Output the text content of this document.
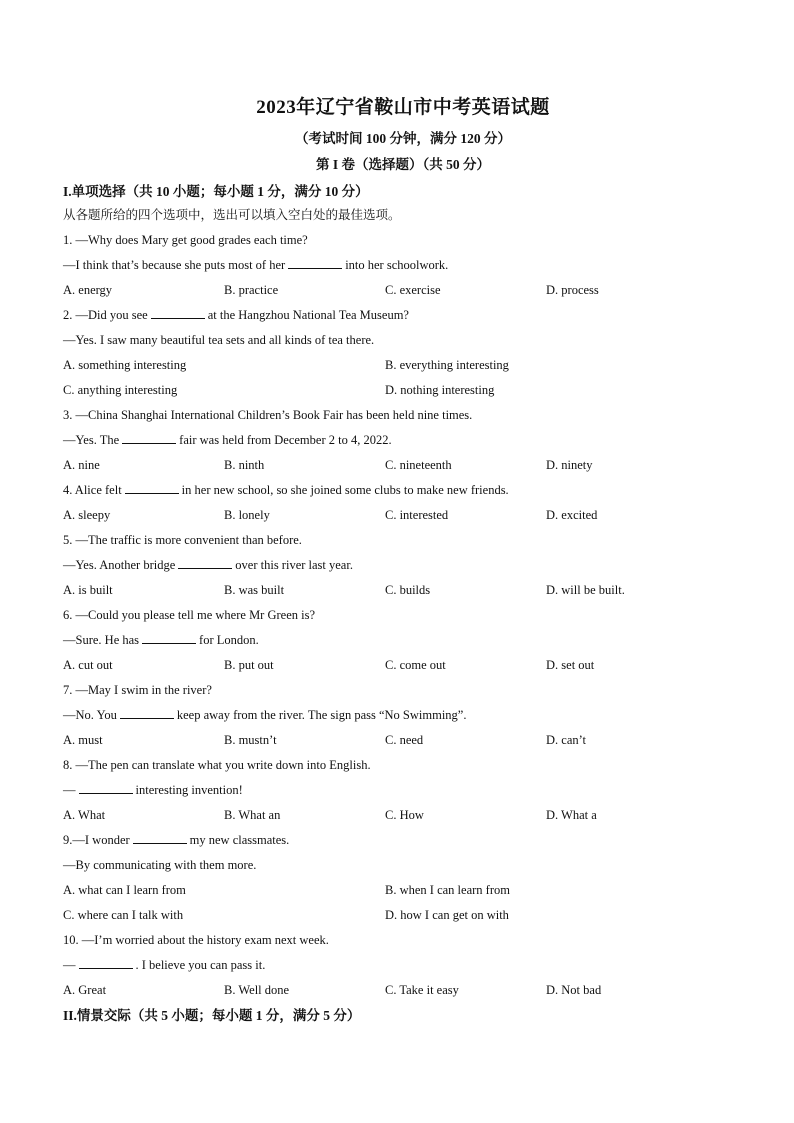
2023年辽宁省鞍山市中考英语试题

（考试时间 100 分钟，满分 120 分）

第 I 卷（选择题）（共 50 分）

I.单项选择（共 10 小题；每小题 1 分，满分 10 分）

从各题所给的四个选项中，选出可以填入空白处的最佳选项。

1. —Why does Mary get good grades each time?

—I think that’s because she puts most of her	into her schoolwork.

A. energy	B. practice	C. exercise	D. process

2. —Did you see	at the Hangzhou National Tea Museum?

—Yes. I saw many beautiful tea sets and all kinds of tea there.

A. something interesting	B. everything interesting
C. anything interesting	D. nothing interesting

3. —China Shanghai International Children’s Book Fair has been held nine times.

—Yes. The	fair was held from December 2 to 4, 2022.

A. nine	B. ninth	C. nineteenth	D. ninety

4. Alice felt	in her new school, so she joined some clubs to make new friends.

A. sleepy	B. lonely	C. interested	D. excited

5. —The traffic is more convenient than before.

—Yes. Another bridge	over this river last year.

A. is built	B. was built	C. builds	D. will be built.

6. —Could you please tell me where Mr Green is?

—Sure. He has	for London.

A. cut out	B. put out	C. come out	D. set out

7. —May I swim in the river?

—No. You	keep away from the river. The sign pass “No Swimming”.

A. must	B. mustn’t	C. need	D. can’t

8. —The pen can translate what you write down into English.

—	interesting invention!

A. What	B. What an	C. How	D. What a

9.—I wonder	my new classmates.

—By communicating with them more.

A. what can I learn from	B. when I can learn from
C. where can I talk with	D. how I can get on with

10. —I’m worried about the history exam next week.

—	. I believe you can pass it.

A. Great	B. Well done	C. Take it easy	D. Not bad

II.情景交际（共 5 小题；每小题 1 分，满分 5 分）
